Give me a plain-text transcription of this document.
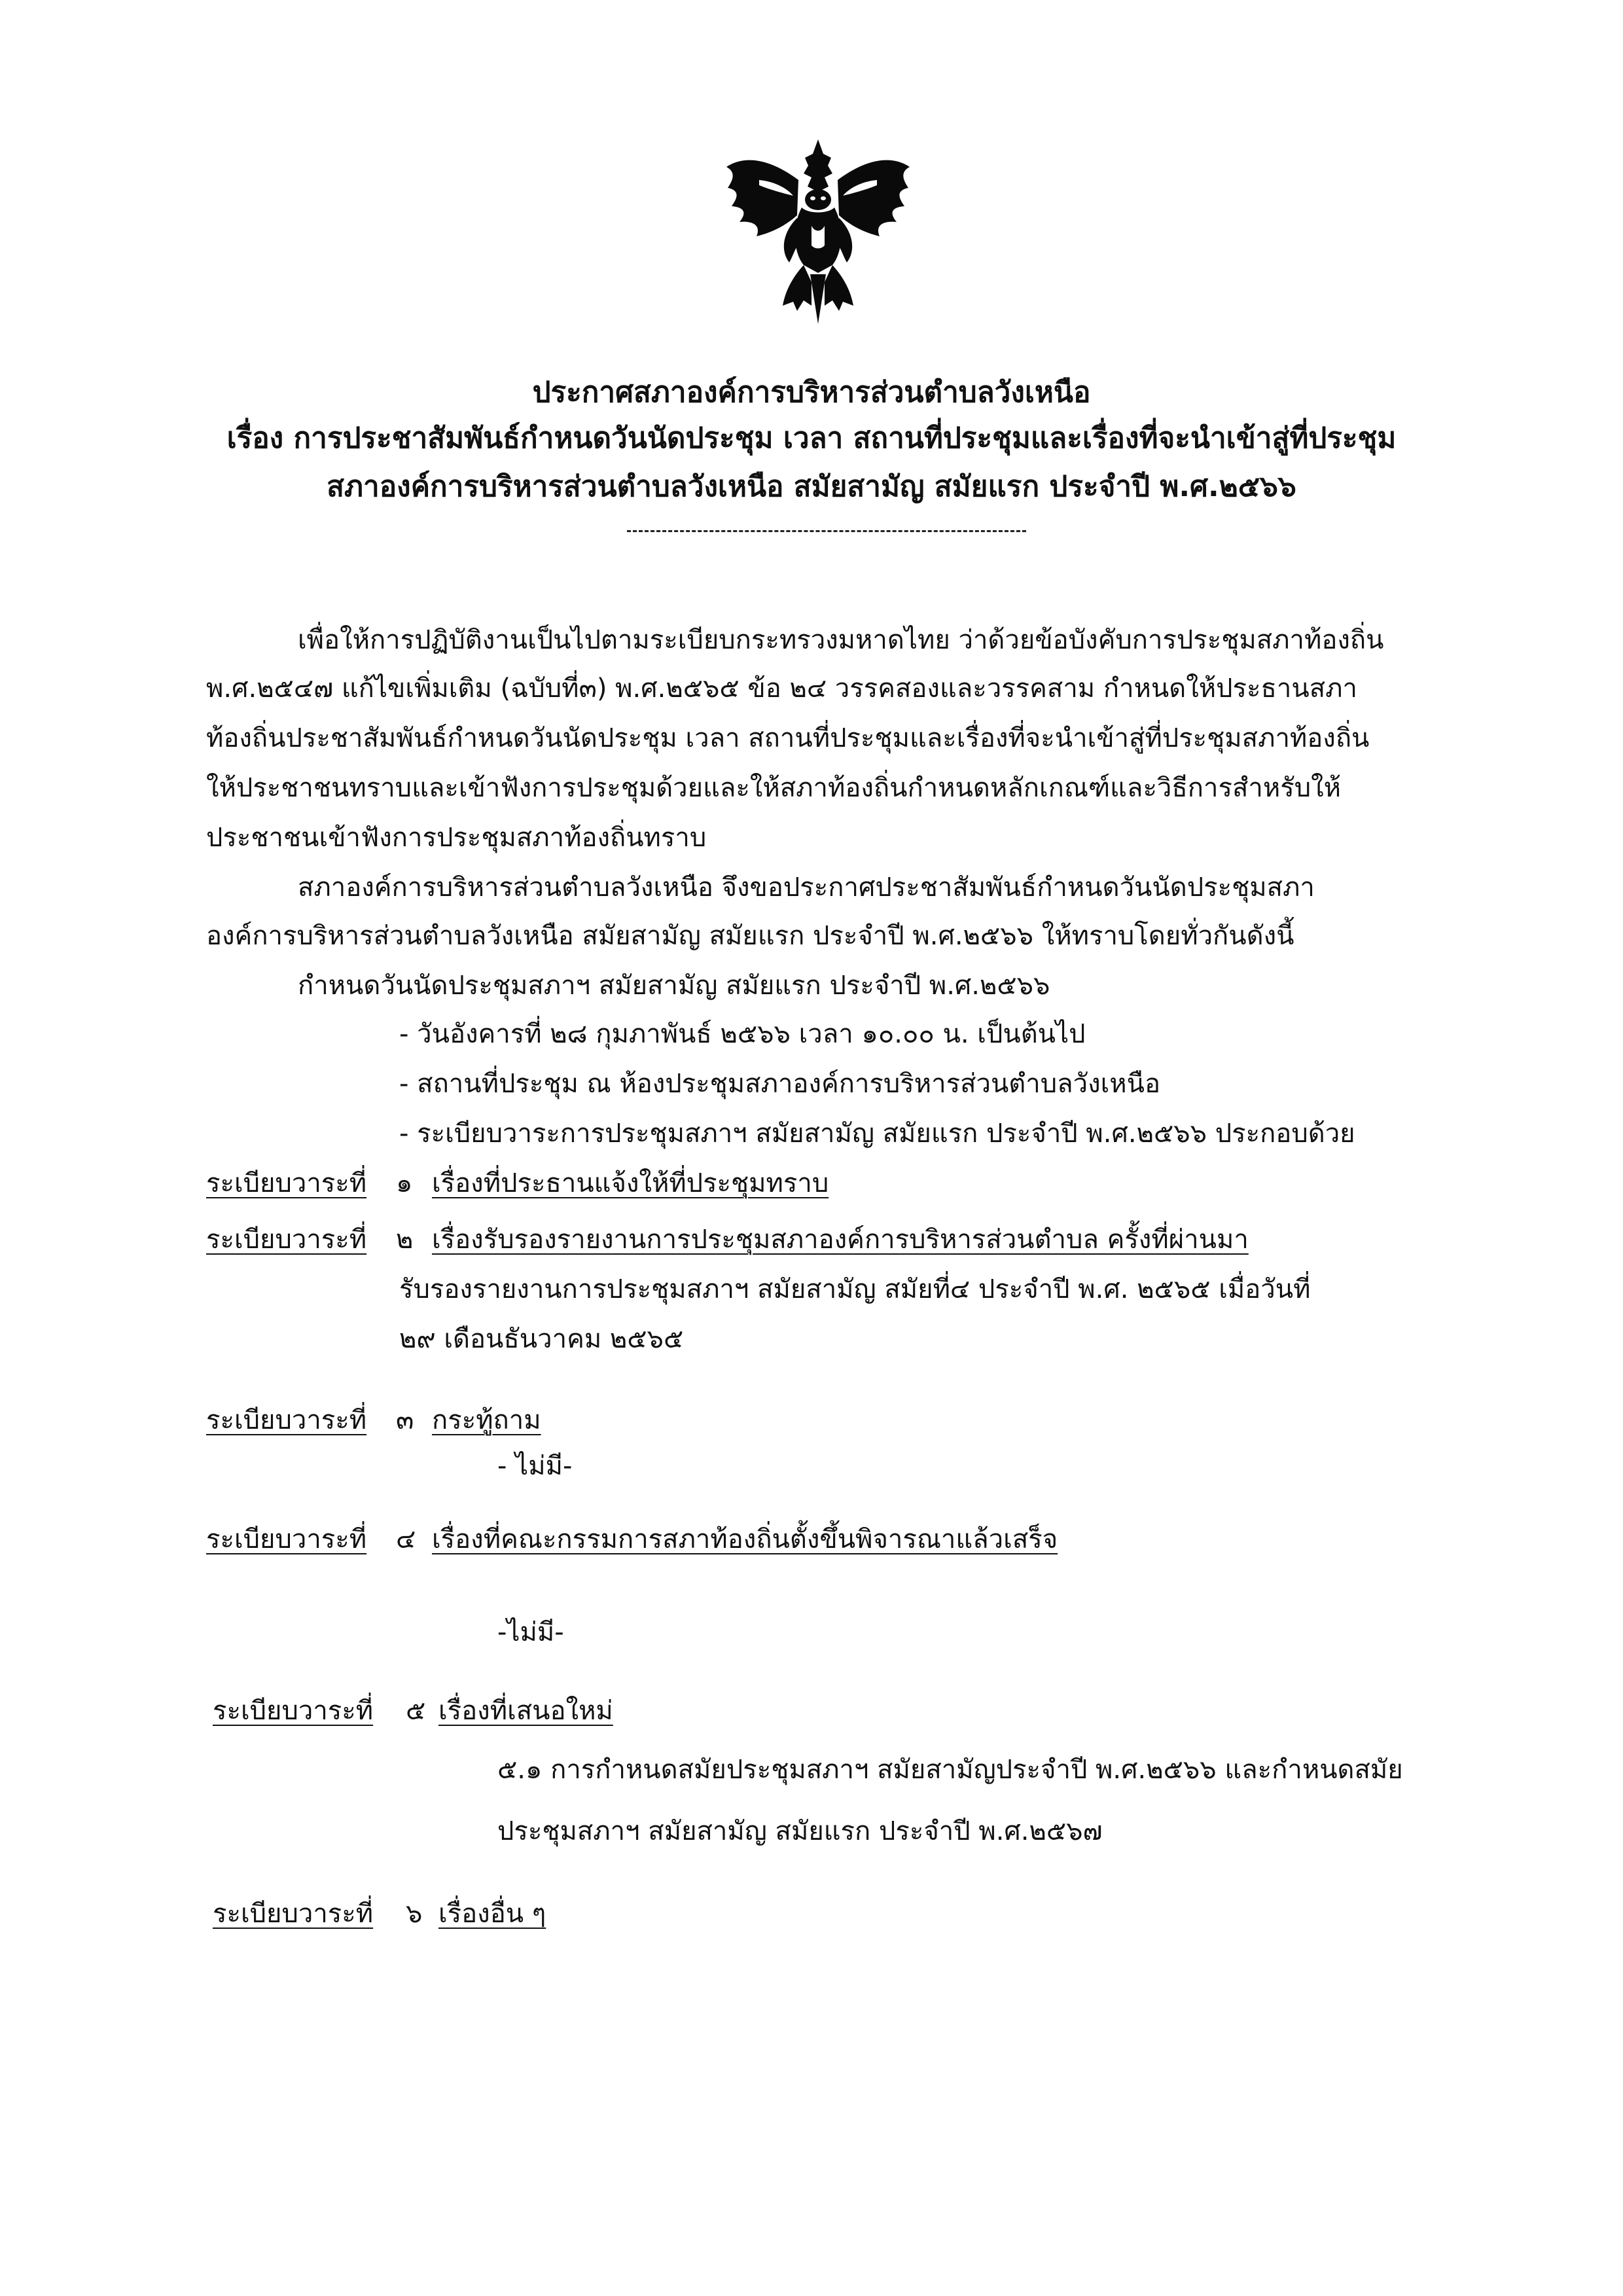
ประกาศสภาองค์การบริหารส่วนตำบลวังเหนือ
เรื่อง การประชาสัมพันธ์กำหนดวันนัดประชุม เวลา สถานที่ประชุมและเรื่องที่จะนำเข้าสู่ที่ประชุม
สภาองค์การบริหารส่วนตำบลวังเหนือ สมัยสามัญ สมัยแรก ประจำปี พ.ศ.๒๕๖๖
เพื่อให้การปฏิบัติงานเป็นไปตามระเบียบกระทรวงมหาดไทย ว่าด้วยข้อบังคับการประชุมสภาท้องถิ่น
พ.ศ.๒๕๔๗ แก้ไขเพิ่มเติม (ฉบับที่๓) พ.ศ.๒๕๖๕ ข้อ ๒๔ วรรคสองและวรรคสาม กำหนดให้ประธานสภา
ท้องถิ่นประชาสัมพันธ์กำหนดวันนัดประชุม เวลา สถานที่ประชุมและเรื่องที่จะนำเข้าสู่ที่ประชุมสภาท้องถิ่น
ให้ประชาชนทราบและเข้าฟังการประชุมด้วยและให้สภาท้องถิ่นกำหนดหลักเกณฑ์และวิธีการสำหรับให้
ประชาชนเข้าฟังการประชุมสภาท้องถิ่นทราบ
สภาองค์การบริหารส่วนตำบลวังเหนือ จึงขอประกาศประชาสัมพันธ์กำหนดวันนัดประชุมสภา
องค์การบริหารส่วนตำบลวังเหนือ สมัยสามัญ สมัยแรก ประจำปี พ.ศ.๒๕๖๖ ให้ทราบโดยทั่วกันดังนี้
กำหนดวันนัดประชุมสภาฯ สมัยสามัญ สมัยแรก ประจำปี พ.ศ.๒๕๖๖
- วันอังคารที่ ๒๘ กุมภาพันธ์ ๒๕๖๖ เวลา ๑๐.๐๐ น. เป็นต้นไป
- สถานที่ประชุม ณ ห้องประชุมสภาองค์การบริหารส่วนตำบลวังเหนือ
- ระเบียบวาระการประชุมสภาฯ สมัยสามัญ สมัยแรก ประจำปี พ.ศ.๒๕๖๖ ประกอบด้วย
ระเบียบวาระที่ ๑ เรื่องที่ประธานแจ้งให้ที่ประชุมทราบ
ระเบียบวาระที่ ๒ เรื่องรับรองรายงานการประชุมสภาองค์การบริหารส่วนตำบล ครั้งที่ผ่านมา
รับรองรายงานการประชุมสภาฯ สมัยสามัญ สมัยที่๔ ประจำปี พ.ศ. ๒๕๖๕ เมื่อวันที่
๒๙ เดือนธันวาคม ๒๕๖๕
ระเบียบวาระที่ ๓ กระทู้ถาม
- ไม่มี-
ระเบียบวาระที่ ๔ เรื่องที่คณะกรรมการสภาท้องถิ่นตั้งขึ้นพิจารณาแล้วเสร็จ
-ไม่มี-
ระเบียบวาระที่ ๕ เรื่องที่เสนอใหม่
๕.๑ การกำหนดสมัยประชุมสภาฯ สมัยสามัญประจำปี พ.ศ.๒๕๖๖ และกำหนดสมัย
ประชุมสภาฯ สมัยสามัญ สมัยแรก ประจำปี พ.ศ.๒๕๖๗
ระเบียบวาระที่ ๖ เรื่องอื่น ๆ
